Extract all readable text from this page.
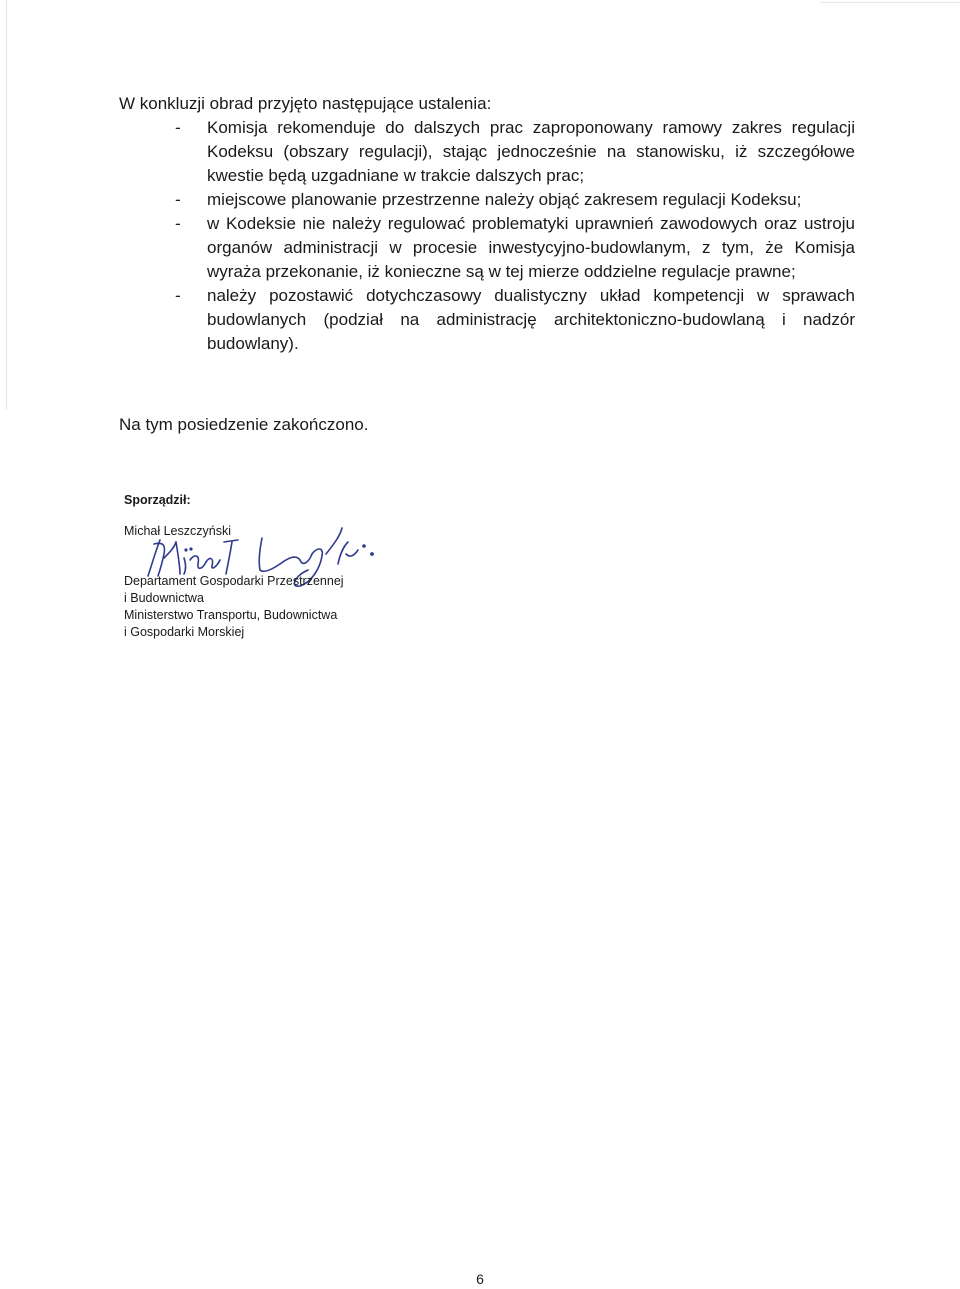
W konkluzji obrad przyjęto następujące ustalenia:

- Komisja rekomenduje do dalszych prac zaproponowany ramowy zakres regulacji Kodeksu (obszary regulacji), stając jednocześnie na stanowisku, iż szczegółowe kwestie będą uzgadniane w trakcie dalszych prac;
- miejscowe planowanie przestrzenne należy objąć zakresem regulacji Kodeksu;
- w Kodeksie nie należy regulować problematyki uprawnień zawodowych oraz ustroju organów administracji w procesie inwestycyjno-budowlanym, z tym, że Komisja wyraża przekonanie, iż konieczne są w tej mierze oddzielne regulacje prawne;
- należy pozostawić dotychczasowy dualistyczny układ kompetencji w sprawach budowlanych (podział na administrację architektoniczno-budowlaną i nadzór budowlany).

Na tym posiedzenie zakończono.

Sporządził:

Michał Leszczyński

Departament Gospodarki Przestrzennej
i Budownictwa
Ministerstwo Transportu, Budownictwa
i Gospodarki Morskiej
6
